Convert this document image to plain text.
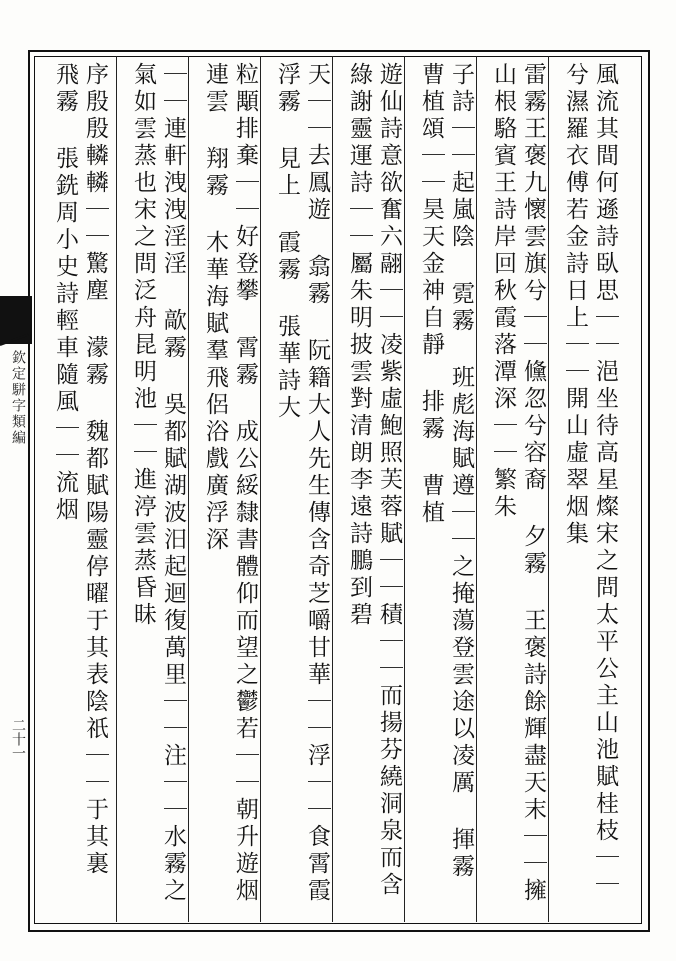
風流其間何遜詩臥思｜｜浥坐待高星燦宋之問太平公主山池賦桂枝｜｜兮濕羅衣傅若金詩日上｜｜開山虛翠烟集
雷霧王褒九懷雲旗兮｜｜儵忽兮容裔 夕霧 王褒詩餘輝盡天末｜｜擁山根駱賓王詩岸回秋霞落潭深｜｜繁朱
子詩｜｜起嵐陰 霓霧 班彪海賦遵｜｜之掩蕩登雲途以凌厲 揮霧 曹植頌｜｜昊天金神自靜 排霧 曹植
遊仙詩意欲奮六翮｜｜凌紫虛鮑照芙蓉賦｜｜積｜｜而揚芬繞洞泉而含綠謝靈運詩｜｜屬朱明披雲對清朗李遠詩鵬到碧
天｜｜去鳳遊 翕霧 阮籍大人先生傳含奇芝嚼甘華｜｜浮｜｜食霄霞 浮霧 見上 霞霧 張華詩大
粒顒排棄｜｜好登攀 霄霧 成公綏隸書體仰而望之鬱若｜｜朝升遊烟連雲 翔霧 木華海賦羣飛侶浴戲廣浮深
｜｜連軒洩洩淫淫 歊霧 吳都賦湖波汨起迴復萬里｜｜注｜｜水霧之氣如雲蒸也宋之問泛舟昆明池｜｜進渟雲蒸昏昧
序殷殷轔轔｜｜驚塵 濛霧 魏都賦陽靈停曜于其表陰祇｜｜于其裏 飛霧 張銑周小史詩輕車隨風｜｜流烟
欽定駢字類編
二十一
